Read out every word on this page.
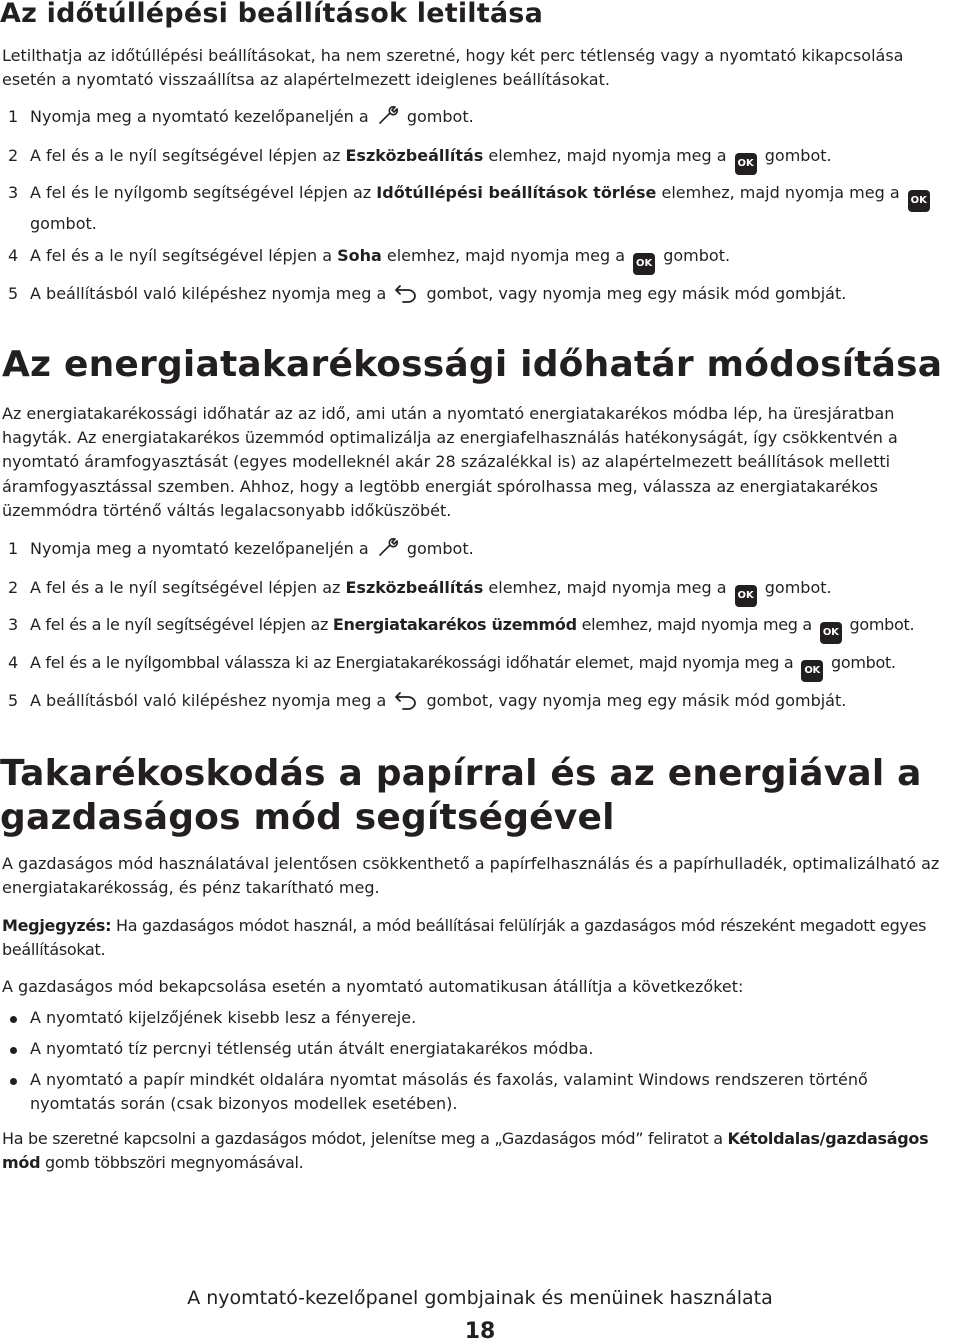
Az időtúllépési beállítások letiltása
Letilthatja az időtúllépési beállításokat, ha nem szeretné, hogy két perc tétlenség vagy a nyomtató kikapcsolása esetén a nyomtató visszaállítsa az alapértelmezett ideiglenes beállításokat.
1 Nyomja meg a nyomtató kezelőpaneljén a gombot.
2 A fel és a le nyíl segítségével lépjen az Eszközbeállítás elemhez, majd nyomja meg a OK gombot.
3 A fel és le nyílgomb segítségével lépjen az Időtúllépési beállítások törlése elemhez, majd nyomja meg a OK
gombot.
4 A fel és a le nyíl segítségével lépjen a Soha elemhez, majd nyomja meg a OK gombot.
5 A beállításból való kilépéshez nyomja meg a	gombot, vagy nyomja meg egy másik mód gombját.
Az energiatakarékossági időhatár módosítása
Az energiatakarékossági időhatár az az idő, ami után a nyomtató energiatakarékos módba lép, ha üresjáratban hagyták. Az energiatakarékos üzemmód optimalizálja az energiafelhasználás hatékonyságát, így csökkentvén a nyomtató áramfogyasztását (egyes modelleknél akár 28 százalékkal is) az alapértelmezett beállítások melletti áramfogyasztással szemben. Ahhoz, hogy a legtöbb energiát spórolhassa meg, válassza az energiatakarékos üzemmódra történő váltás legalacsonyabb időküszöbét.
1 Nyomja meg a nyomtató kezelőpaneljén a gombot.
2 A fel és a le nyíl segítségével lépjen az Eszközbeállítás elemhez, majd nyomja meg a OK gombot.
3 A fel és a le nyíl segítségével lépjen az Energiatakarékos üzemmód elemhez, majd nyomja meg a OK gombot.
4 A fel és a le nyílgombbal válassza ki az Energiatakarékossági időhatár elemet, majd nyomja meg a OK gombot.
5 A beállításból való kilépéshez nyomja meg a	gombot, vagy nyomja meg egy másik mód gombját.
Takarékoskodás a papírral és az energiával a gazdaságos mód segítségével
A gazdaságos mód használatával jelentősen csökkenthető a papírfelhasználás és a papírhulladék, optimalizálható az energiatakarékosság, és pénz takarítható meg.
Megjegyzés: Ha gazdaságos módot használ, a mód beállításai felülírják a gazdaságos mód részeként megadott egyes beállításokat.
A gazdaságos mód bekapcsolása esetén a nyomtató automatikusan átállítja a következőket:
A nyomtató kijelzőjének kisebb lesz a fényereje.
A nyomtató tíz percnyi tétlenség után átvált energiatakarékos módba.
A nyomtató a papír mindkét oldalára nyomtat másolás és faxolás, valamint Windows rendszeren történő nyomtatás során (csak bizonyos modellek esetében).
Ha be szeretné kapcsolni a gazdaságos módot, jelenítse meg a „Gazdaságos mód” feliratot a Kétoldalas/gazdaságos mód gomb többszöri megnyomásával.
A nyomtató-kezelőpanel gombjainak és menüinek használata
18
